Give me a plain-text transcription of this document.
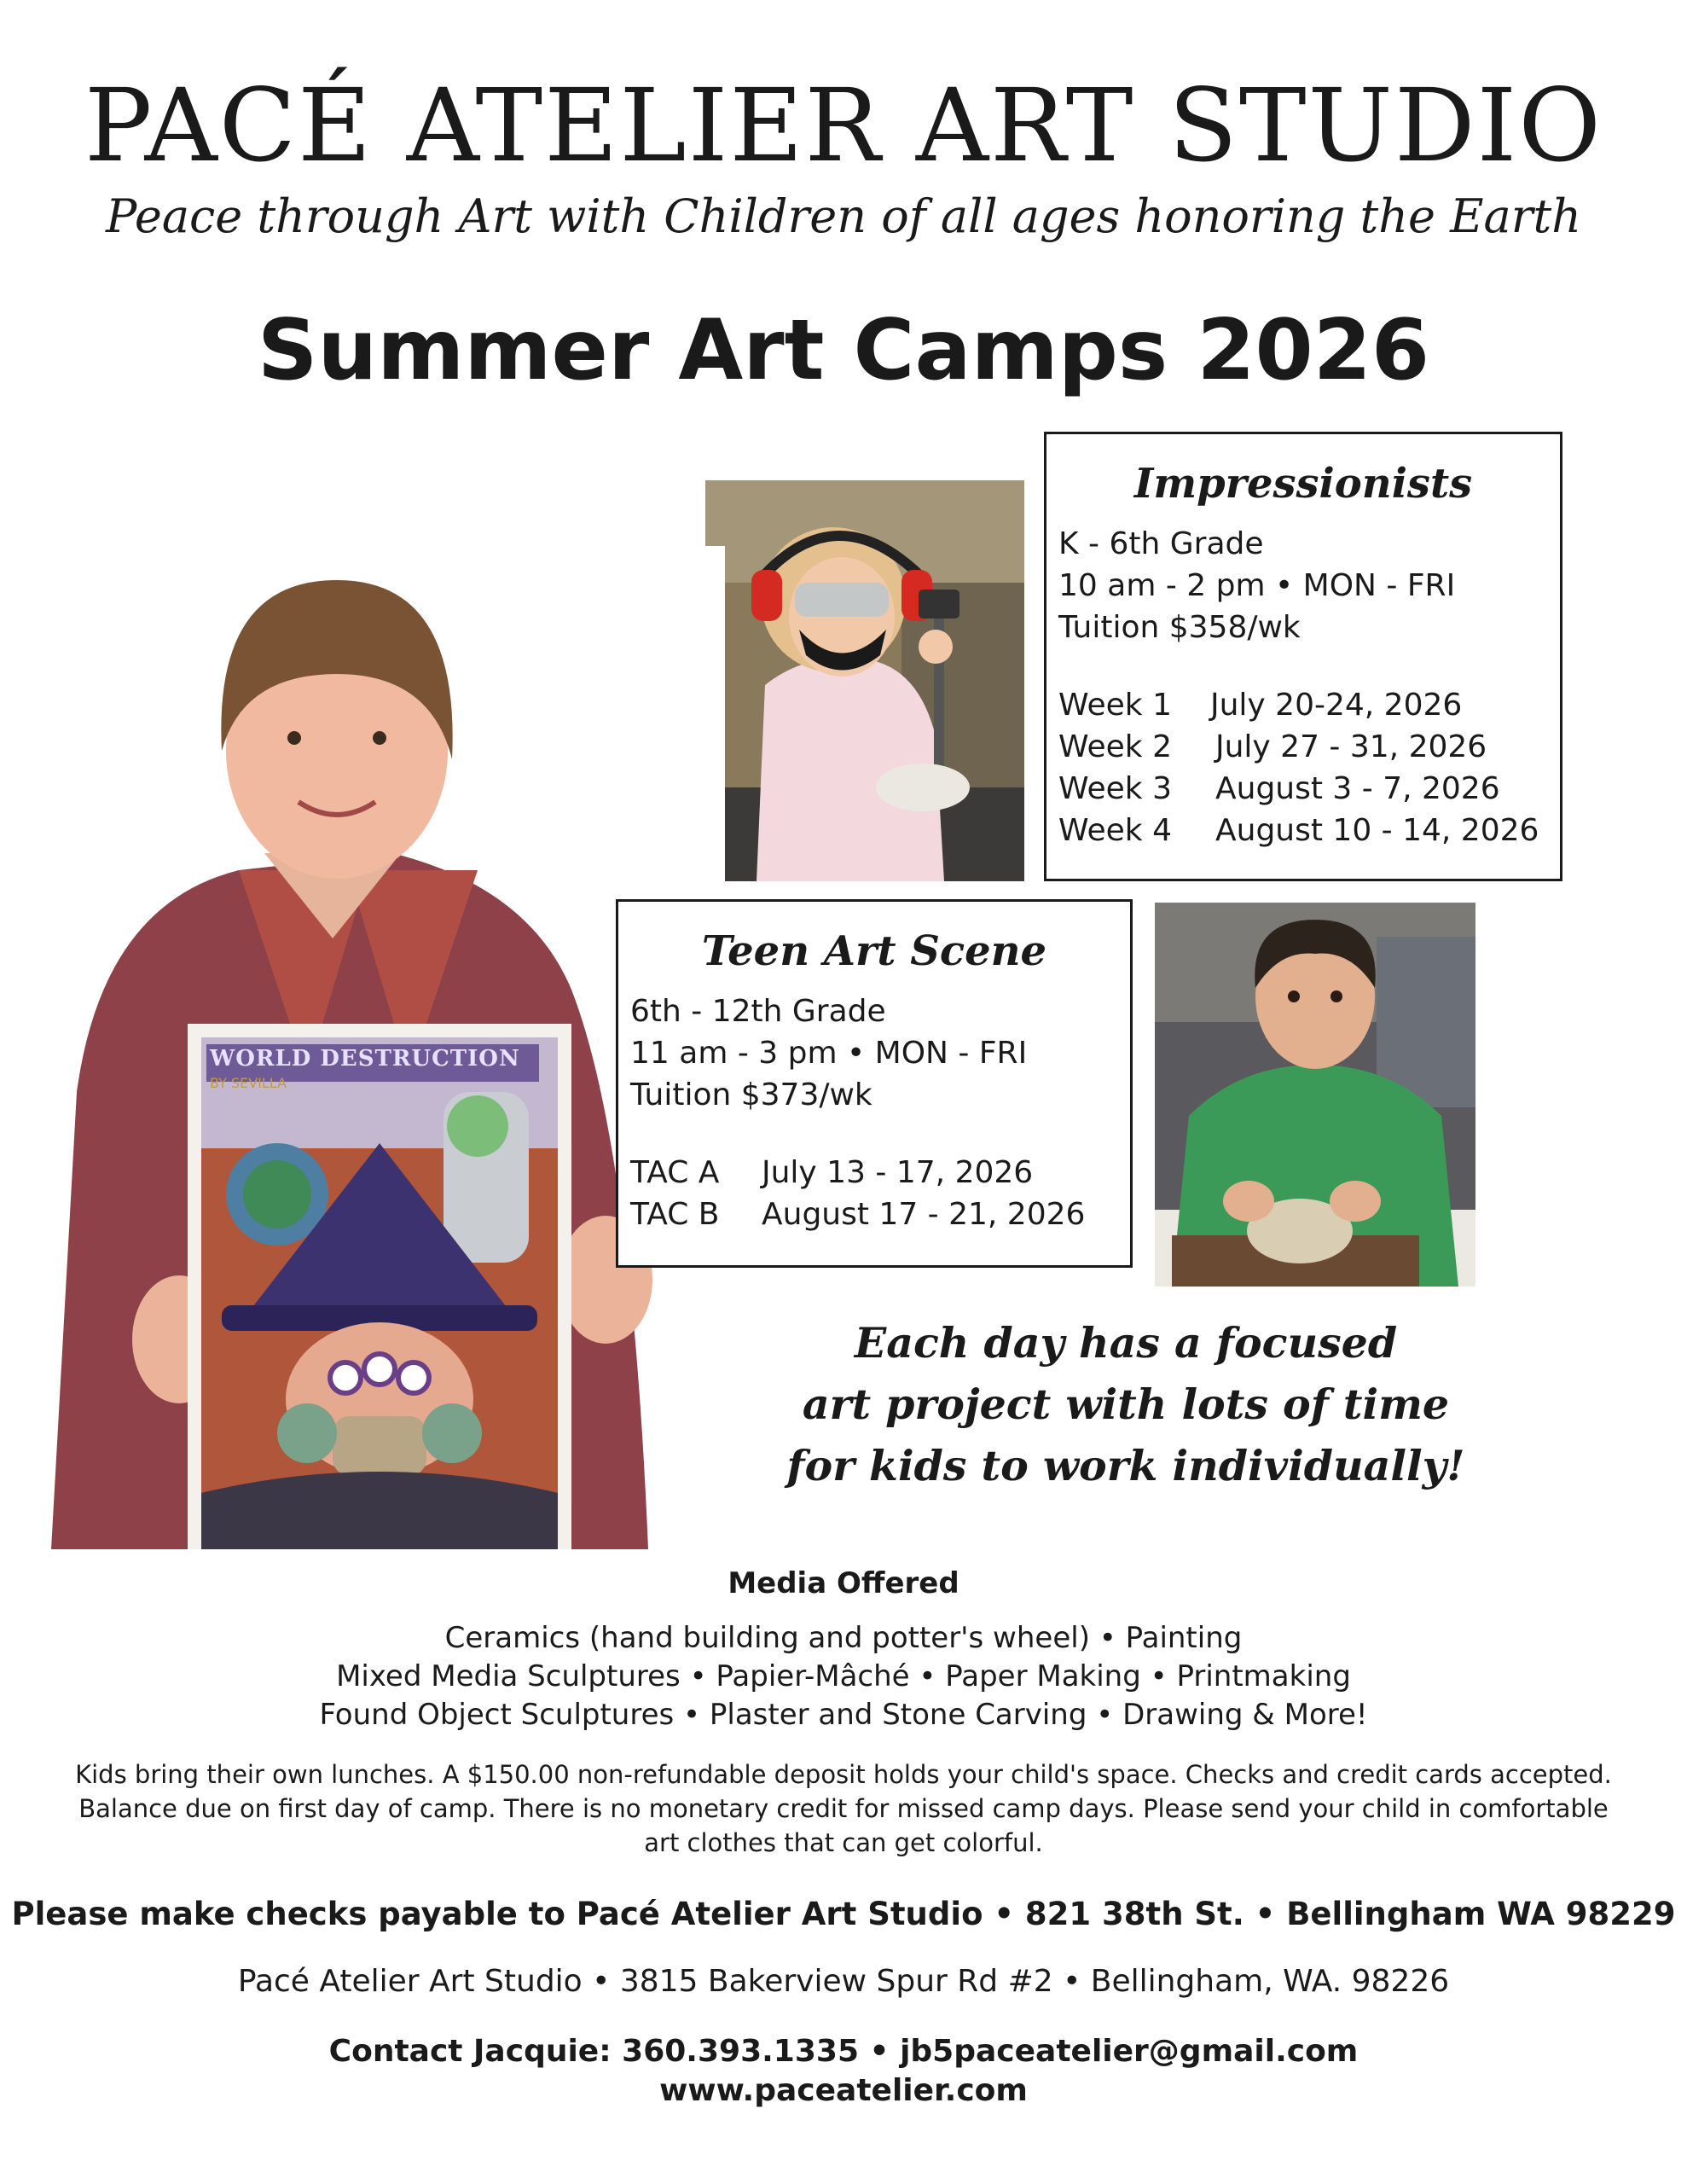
PACÉ ATELIER ART STUDIO
Peace through Art with Children of all ages honoring the Earth
Summer Art Camps 2026
Impressionists
K - 6th Grade
10 am - 2 pm • MON - FRI
Tuition $358/wk
Week 1	July 20-24, 2026
Week 2	July 27 - 31, 2026
Week 3	August 3 - 7, 2026
Week 4	August 10 - 14, 2026
WORLD DESTRUCTION
BY SEVILLA
Teen Art Scene
6th - 12th Grade
11 am - 3 pm • MON - FRI
Tuition $373/wk
TAC A	July 13 - 17, 2026
TAC B	August 17 - 21, 2026
Each day has a focused
art project with lots of time
for kids to work individually!
Media Offered
Ceramics (hand building and potter's wheel) • Painting
Mixed Media Sculptures • Papier-Mâché • Paper Making • Printmaking
Found Object Sculptures • Plaster and Stone Carving • Drawing & More!
Kids bring their own lunches. A $150.00 non-refundable deposit holds your child's space. Checks and credit cards accepted. Balance due on first day of camp. There is no monetary credit for missed camp days. Please send your child in comfortable art clothes that can get colorful.
Please make checks payable to Pacé Atelier Art Studio • 821 38th St. • Bellingham WA 98229
Pacé Atelier Art Studio • 3815 Bakerview Spur Rd #2 • Bellingham, WA. 98226
Contact Jacquie: 360.393.1335 • jb5paceatelier@gmail.com
www.paceatelier.com
